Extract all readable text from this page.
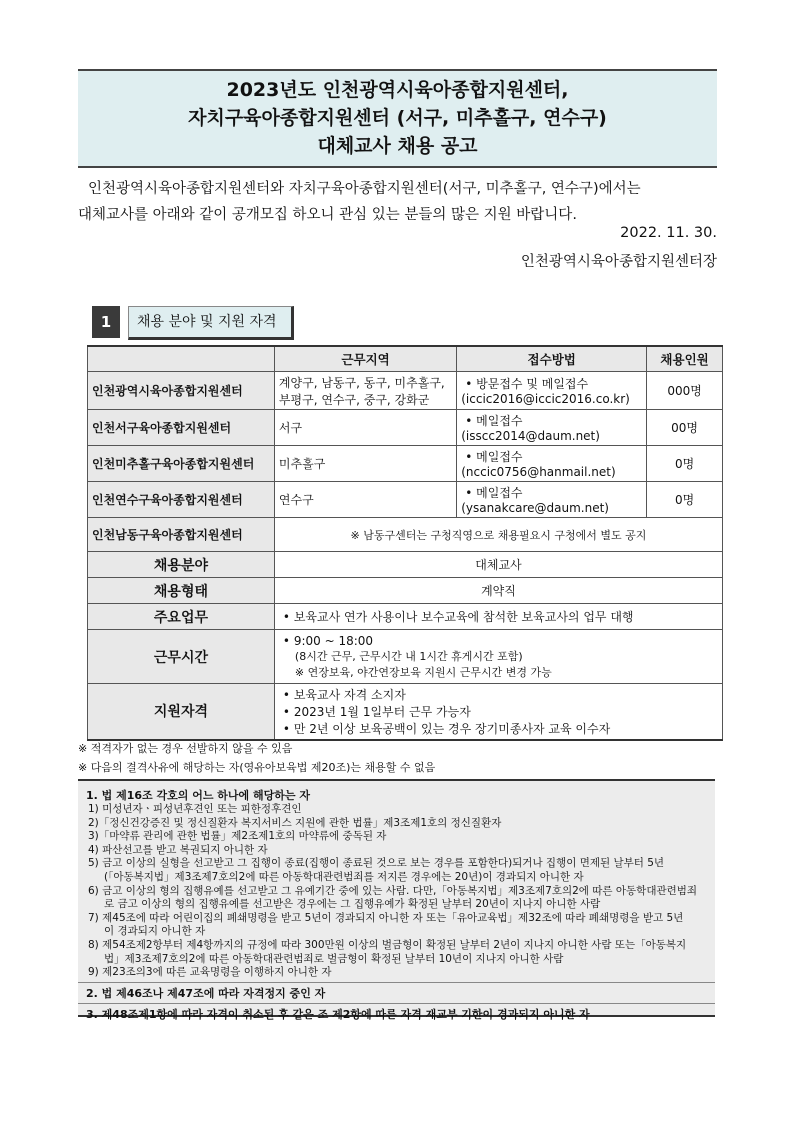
2023년도 인천광역시육아종합지원센터,
자치구육아종합지원센터 (서구, 미추홀구, 연수구)
대체교사 채용 공고
인천광역시육아종합지원센터와 자치구육아종합지원센터(서구, 미추홀구, 연수구)에서는
대체교사를 아래와 같이 공개모집 하오니 관심 있는 분들의 많은 지원 바랍니다.
2022. 11. 30.
인천광역시육아종합지원센터장
1	채용 분야 및 지원 자격
	근무지역	접수방법	채용인원
인천광역시육아종합지원센터	계양구, 남동구, 동구, 미추홀구, 부평구, 연수구, 중구, 강화군	• 방문접수 및 메일접수
(iccic2016@iccic2016.co.kr)	000명
인천서구육아종합지원센터	서구	• 메일접수
(isscc2014@daum.net)	00명
인천미추홀구육아종합지원센터	미추홀구	• 메일접수
(nccic0756@hanmail.net)	0명
인천연수구육아종합지원센터	연수구	• 메일접수
(ysanakcare@daum.net)	0명
인천남동구육아종합지원센터	※ 남동구센터는 구청직영으로 채용필요시 구청에서 별도 공지		
채용분야	대체교사		
채용형태	계약직		
주요업무	• 보육교사 연가 사용이나 보수교육에 참석한 보육교사의 업무 대행
근무시간	• 9:00 ~ 18:00
(8시간 근무, 근무시간 내 1시간 휴게시간 포함)
※ 연장보육, 야간연장보육 지원시 근무시간 변경 가능

지원자격	• 보육교사 자격 소지자
• 2023년 1월 1일부터 근무 가능자
• 만 2년 이상 보육공백이 있는 경우 장기미종사자 교육 이수자
※ 적격자가 없는 경우 선발하지 않을 수 있음
※ 다음의 결격사유에 해당하는 자(영유아보육법 제20조)는 채용할 수 없음
1. 법 제16조 각호의 어느 하나에 해당하는 자
1) 미성년자ㆍ피성년후견인 또는 피한정후견인
2)「정신건강증진 및 정신질환자 복지서비스 지원에 관한 법률」제3조제1호의 정신질환자
3)「마약류 관리에 관한 법률」제2조제1호의 마약류에 중독된 자
4) 파산선고를 받고 복권되지 아니한 자
5) 금고 이상의 실형을 선고받고 그 집행이 종료(집행이 종료된 것으로 보는 경우를 포함한다)되거나 집행이 면제된 날부터 5년
(「아동복지법」제3조제7호의2에 따른 아동학대관련범죄를 저지른 경우에는 20년)이 경과되지 아니한 자
6) 금고 이상의 형의 집행유예를 선고받고 그 유예기간 중에 있는 사람. 다만,「아동복지법」제3조제7호의2에 따른 아동학대관련범죄
로 금고 이상의 형의 집행유예를 선고받은 경우에는 그 집행유예가 확정된 날부터 20년이 지나지 아니한 사람
7) 제45조에 따라 어린이집의 폐쇄명령을 받고 5년이 경과되지 아니한 자 또는「유아교육법」제32조에 따라 폐쇄명령을 받고 5년
이 경과되지 아니한 자
8) 제54조제2항부터 제4항까지의 규정에 따라 300만원 이상의 벌금형이 확정된 날부터 2년이 지나지 아니한 사람 또는「아동복지
법」제3조제7호의2에 따른 아동학대관련범죄로 벌금형이 확정된 날부터 10년이 지나지 아니한 사람
9) 제23조의3에 따른 교육명령을 이행하지 아니한 자
2. 법 제46조나 제47조에 따라 자격정지 중인 자
3. 제48조제1항에 따라 자격이 취소된 후 같은 조 제2항에 따른 자격 재교부 기한이 경과되지 아니한 자
